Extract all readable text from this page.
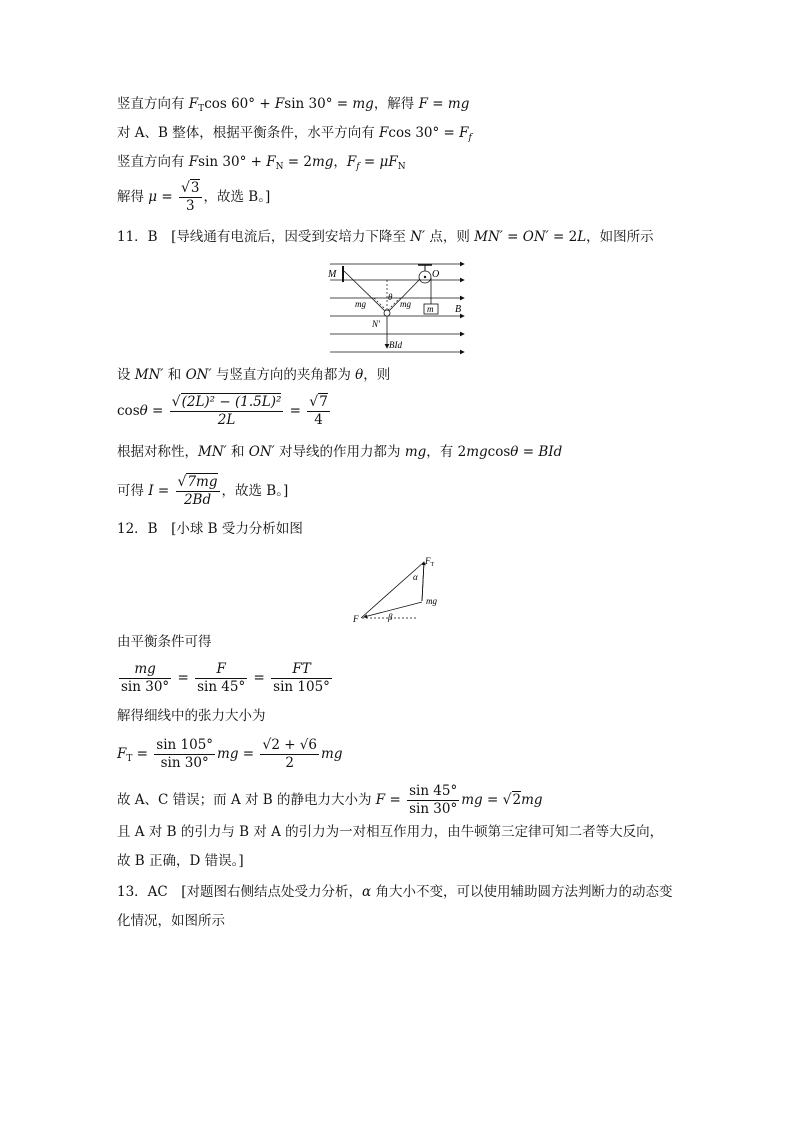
竖直方向有 $F_T\cos$ 60° + Fsin 30° = mg，解得 F = mg
对 A、B 整体，根据平衡条件，水平方向有 Fcos $30^\circ = F_f$
竖直方向有 Fsin $30^\circ + F_N = 2mg$，$F_f = \mu F_N$
解得 $\mu = \frac{√3}{3}$ ，故选 B。]
11．B　[导线通有电流后，因受到安培力下降至 N′ 点，则 MN′ = ON′ = 2L，如图所示
M	O
θ
mg	mg m B
N′
BId
设 MN′ 和 ON′ 与竖直方向的夹角都为 θ，则
$\cos\theta = \frac{\text{√(2L)² − (1.5L)²}}{2L} = \frac{√7}{4}$
根据对称性，MN′ 和 ON′ 对导线的作用力都为 mg，有 2mgcosθ = BId
可得 $I = \frac{√7mg}{2Bd}$ ，故选 B。]
12．B　[小球 B 受力分析如图
$F_T$
α
mg
F	β
由平衡条件可得
$\frac{mg}{\sin 30^\circ} = \frac{F}{\sin 45^\circ} = \frac{FT}{\sin 105^\circ}$
解得细线中的张力大小为
$F_T = \frac{\sin 105^\circ}{\sin 30^\circ}$ mg = $\frac{√2 + √6}{2}$ mg
故 A、C 错误；而 A 对 B 的静电力大小为 $F = \frac{\sin 45^\circ}{\sin 30^\circ}$ mg = √2mg
且 A 对 B 的引力与 B 对 A 的引力为一对相互作用力，由牛顿第三定律可知二者等大反向，
故 B 正确，D 错误。]
13．AC　[对题图右侧结点处受力分析，α 角大小不变，可以使用辅助圆方法判断力的动态变
化情况，如图所示
